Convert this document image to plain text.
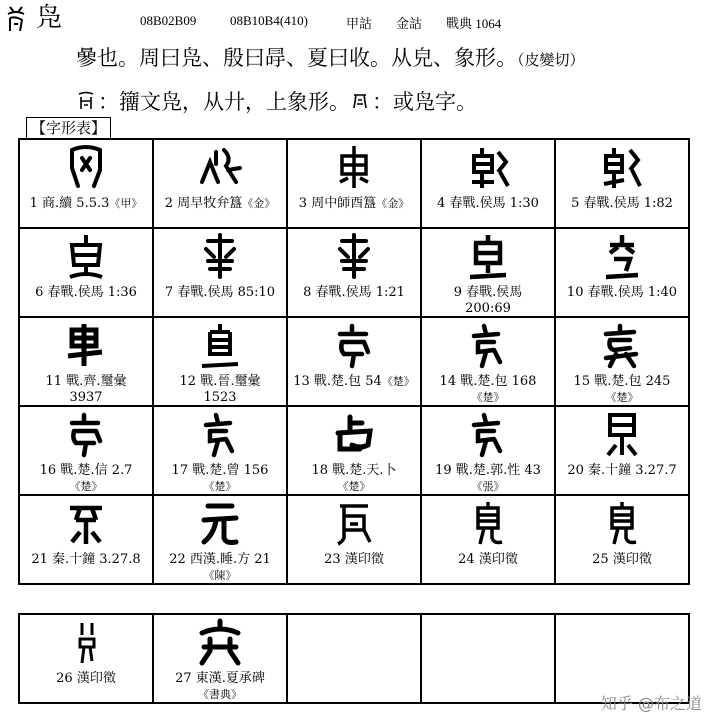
凫	08B02B09	08B10B4(410)	甲詁 金詁 戰典 1064
曑也。周曰凫、殷曰冔、夏曰收。从皃、象形。（皮變切）
：籒文凫，从廾，上象形。 ：或凫字。
【字形表】
1 商.續 5.5.3《甲》	2 周早牧弁簋《金》	3 周中師酉簋《金》	4 春戰.侯馬 1:30	5 春戰.侯馬 1:82

6 春戰.侯馬 1:36	7 春戰.侯馬 85:10	8 春戰.侯馬 1:21	9 春戰.侯馬
200:69	10 春戰.侯馬 1:40

11 戰.齊.璽彙
3937	12 戰.晉.璽彙
1523	13 戰.楚.包 54《楚》	14 戰.楚.包 168
《楚》	15 戰.楚.包 245
《楚》

16 戰.楚.信 2.7
《楚》	17 戰.楚.曾 156
《楚》	18 戰.楚.天.卜
《楚》	19 戰.楚.郭.性 43
《張》	20 秦.十鐘 3.27.7

21 秦.十鐘 3.27.8	22 西漢.睡.方 21
《陳》	23 漢印徵	24 漢印徵	25 漢印徵
26 漢印徵	27 東漢.夏承碑
《書典》

		知乎 @布之道
